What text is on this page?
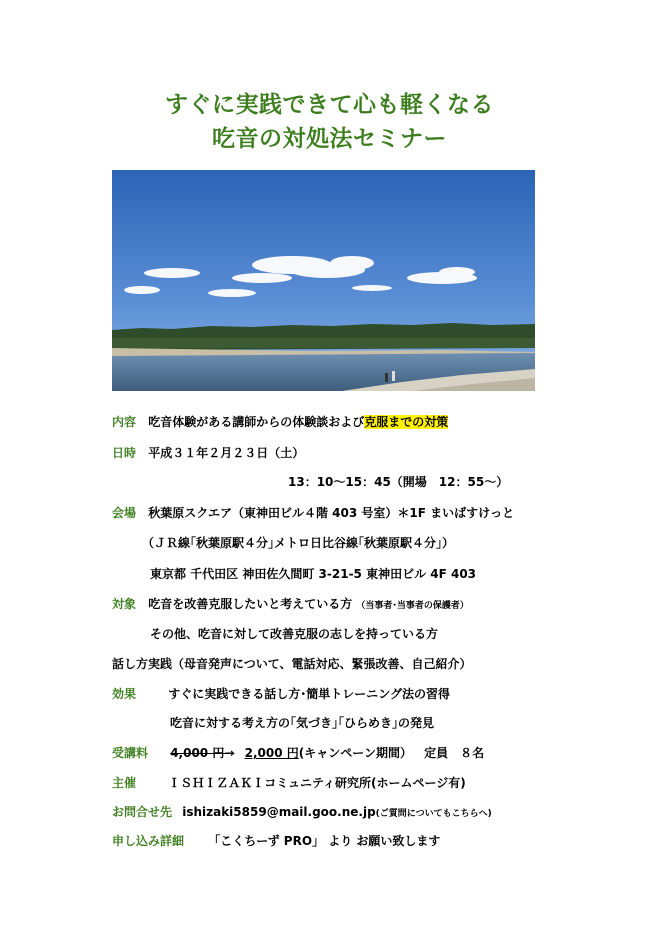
すぐに実践できて心も軽くなる
吃音の対処法セミナー
内容 吃音体験がある講師からの体験談および克服までの対策
日時 平成３１年２月２３日（土）
13：10～15：45（開場　12：55～）
会場 秋葉原スクエア（東神田ビル４階 403 号室）＊1F まいばすけっと
（ＪＲ線｢秋葉原駅４分｣メトロ日比谷線｢秋葉原駅４分｣）
東京都 千代田区 神田佐久間町 3-21-5 東神田ビル 4F 403
対象 吃音を改善克服したいと考えている方 （当事者･当事者の保護者）
その他、吃音に対して改善克服の志しを持っている方
話し方実践（母音発声について、電話対応、緊張改善、自己紹介）
効果	すぐに実践できる話し方･簡単トレーニング法の習得
吃音に対する考え方の｢気づき｣｢ひらめき｣の発見
受講料 4,000 円→ 2,000 円(キャンペーン期間） 定員　８名
主催	ＩＳＨＩＺＡＫＩコミュニティ研究所(ホームページ有)
お問合せ先 ishizaki5859@mail.goo.ne.jp(ご質問についてもこちらへ)
申し込み詳細 「こくちーず PRO」 より お願い致します
